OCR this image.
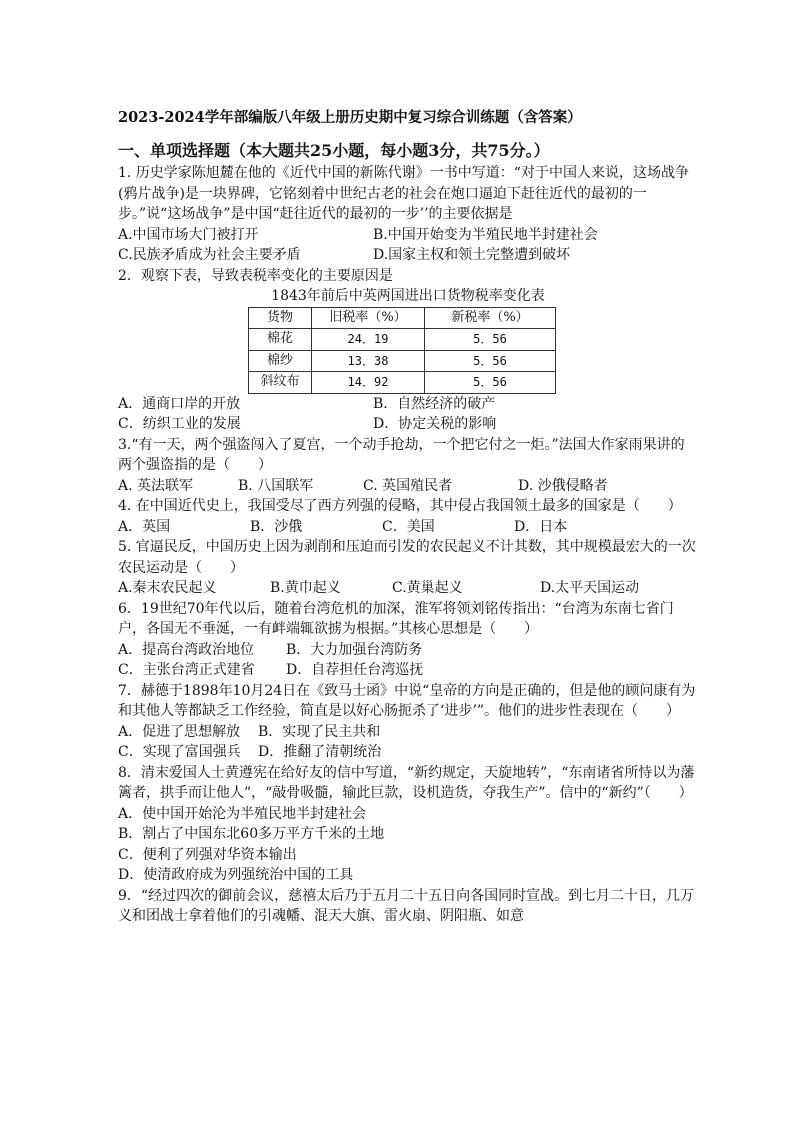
2023-2024学年部编版八年级上册历史期中复习综合训练题（含答案）
一、单项选择题（本大题共25小题，每小题3分，共75分。）

1. 历史学家陈旭麓在他的《近代中国的新陈代谢》一书中写道：“对于中国人来说，这场战争(鸦片战争)是一块界碑，它铭刻着中世纪古老的社会在炮口逼迫下赶往近代的最初的一步。”说“这场战争”是中国“赶往近代的最初的一步’’的主要依据是

A.中国市场大门被打开	B.中国开始变为半殖民地半封建社会
C.民族矛盾成为社会主要矛盾	D.国家主权和领土完整遭到破坏

2．观察下表，导致表税率变化的主要原因是

1843年前后中英两国进出口货物税率变化表

货物	旧税率（%）	新税率（%）
棉花	24．19	5．56
棉纱	13．38	5．56
斜纹布	14．92	5．56
A．通商口岸的开放	B．自然经济的破产
C．纺织工业的发展	D．协定关税的影响

3.“有一天，两个强盗闯入了夏宫，一个动手抢劫，一个把它付之一炬。”法国大作家雨果讲的两个强盗指的是（　　）

A. 英法联军	B. 八国联军	C. 英国殖民者	D. 沙俄侵略者

4. 在中国近代史上，我国受尽了西方列强的侵略，其中侵占我国领土最多的国家是（　　）

A．英国	B．沙俄	C．美国	D．日本

5. 官逼民反，中国历史上因为剥削和压迫而引发的农民起义不计其数，其中规模最宏大的一次农民运动是（　　）

A.秦末农民起义	B.黄巾起义	C.黄巢起义	D.太平天国运动

6．19世纪70年代以后，随着台湾危机的加深，淮军将领刘铭传指出：“台湾为东南七省门户，各国无不垂涎，一有衅端辄欲掳为根据。”其核心思想是（　　）

A．提高台湾政治地位	B．大力加强台湾防务
C．主张台湾正式建省	D．自荐担任台湾巡抚

7．赫德于1898年10月24日在《致马士函》中说“皇帝的方向是正确的，但是他的顾问康有为和其他人等都缺乏工作经验，简直是以好心肠扼杀了‘进步’”。他们的进步性表现在（　　）

A．促进了思想解放	B．实现了民主共和
C．实现了富国强兵	D．推翻了清朝统治

8．清末爱国人士黄遵宪在给好友的信中写道，“新约规定，天旋地转”，“东南诸省所恃以为藩篱者，拱手而让他人”，“敲骨吸髓，输此巨款，设机造货，夺我生产”。信中的“新约”（　　）

A．使中国开始沦为半殖民地半封建社会

B．割占了中国东北60多万平方千米的土地

C．便利了列强对华资本输出

D．使清政府成为列强统治中国的工具

9．“经过四次的御前会议，慈禧太后乃于五月二十五日向各国同时宣战。到七月二十日，几万义和团战士拿着他们的引魂幡、混天大旗、雷火扇、阴阳瓶、如意
